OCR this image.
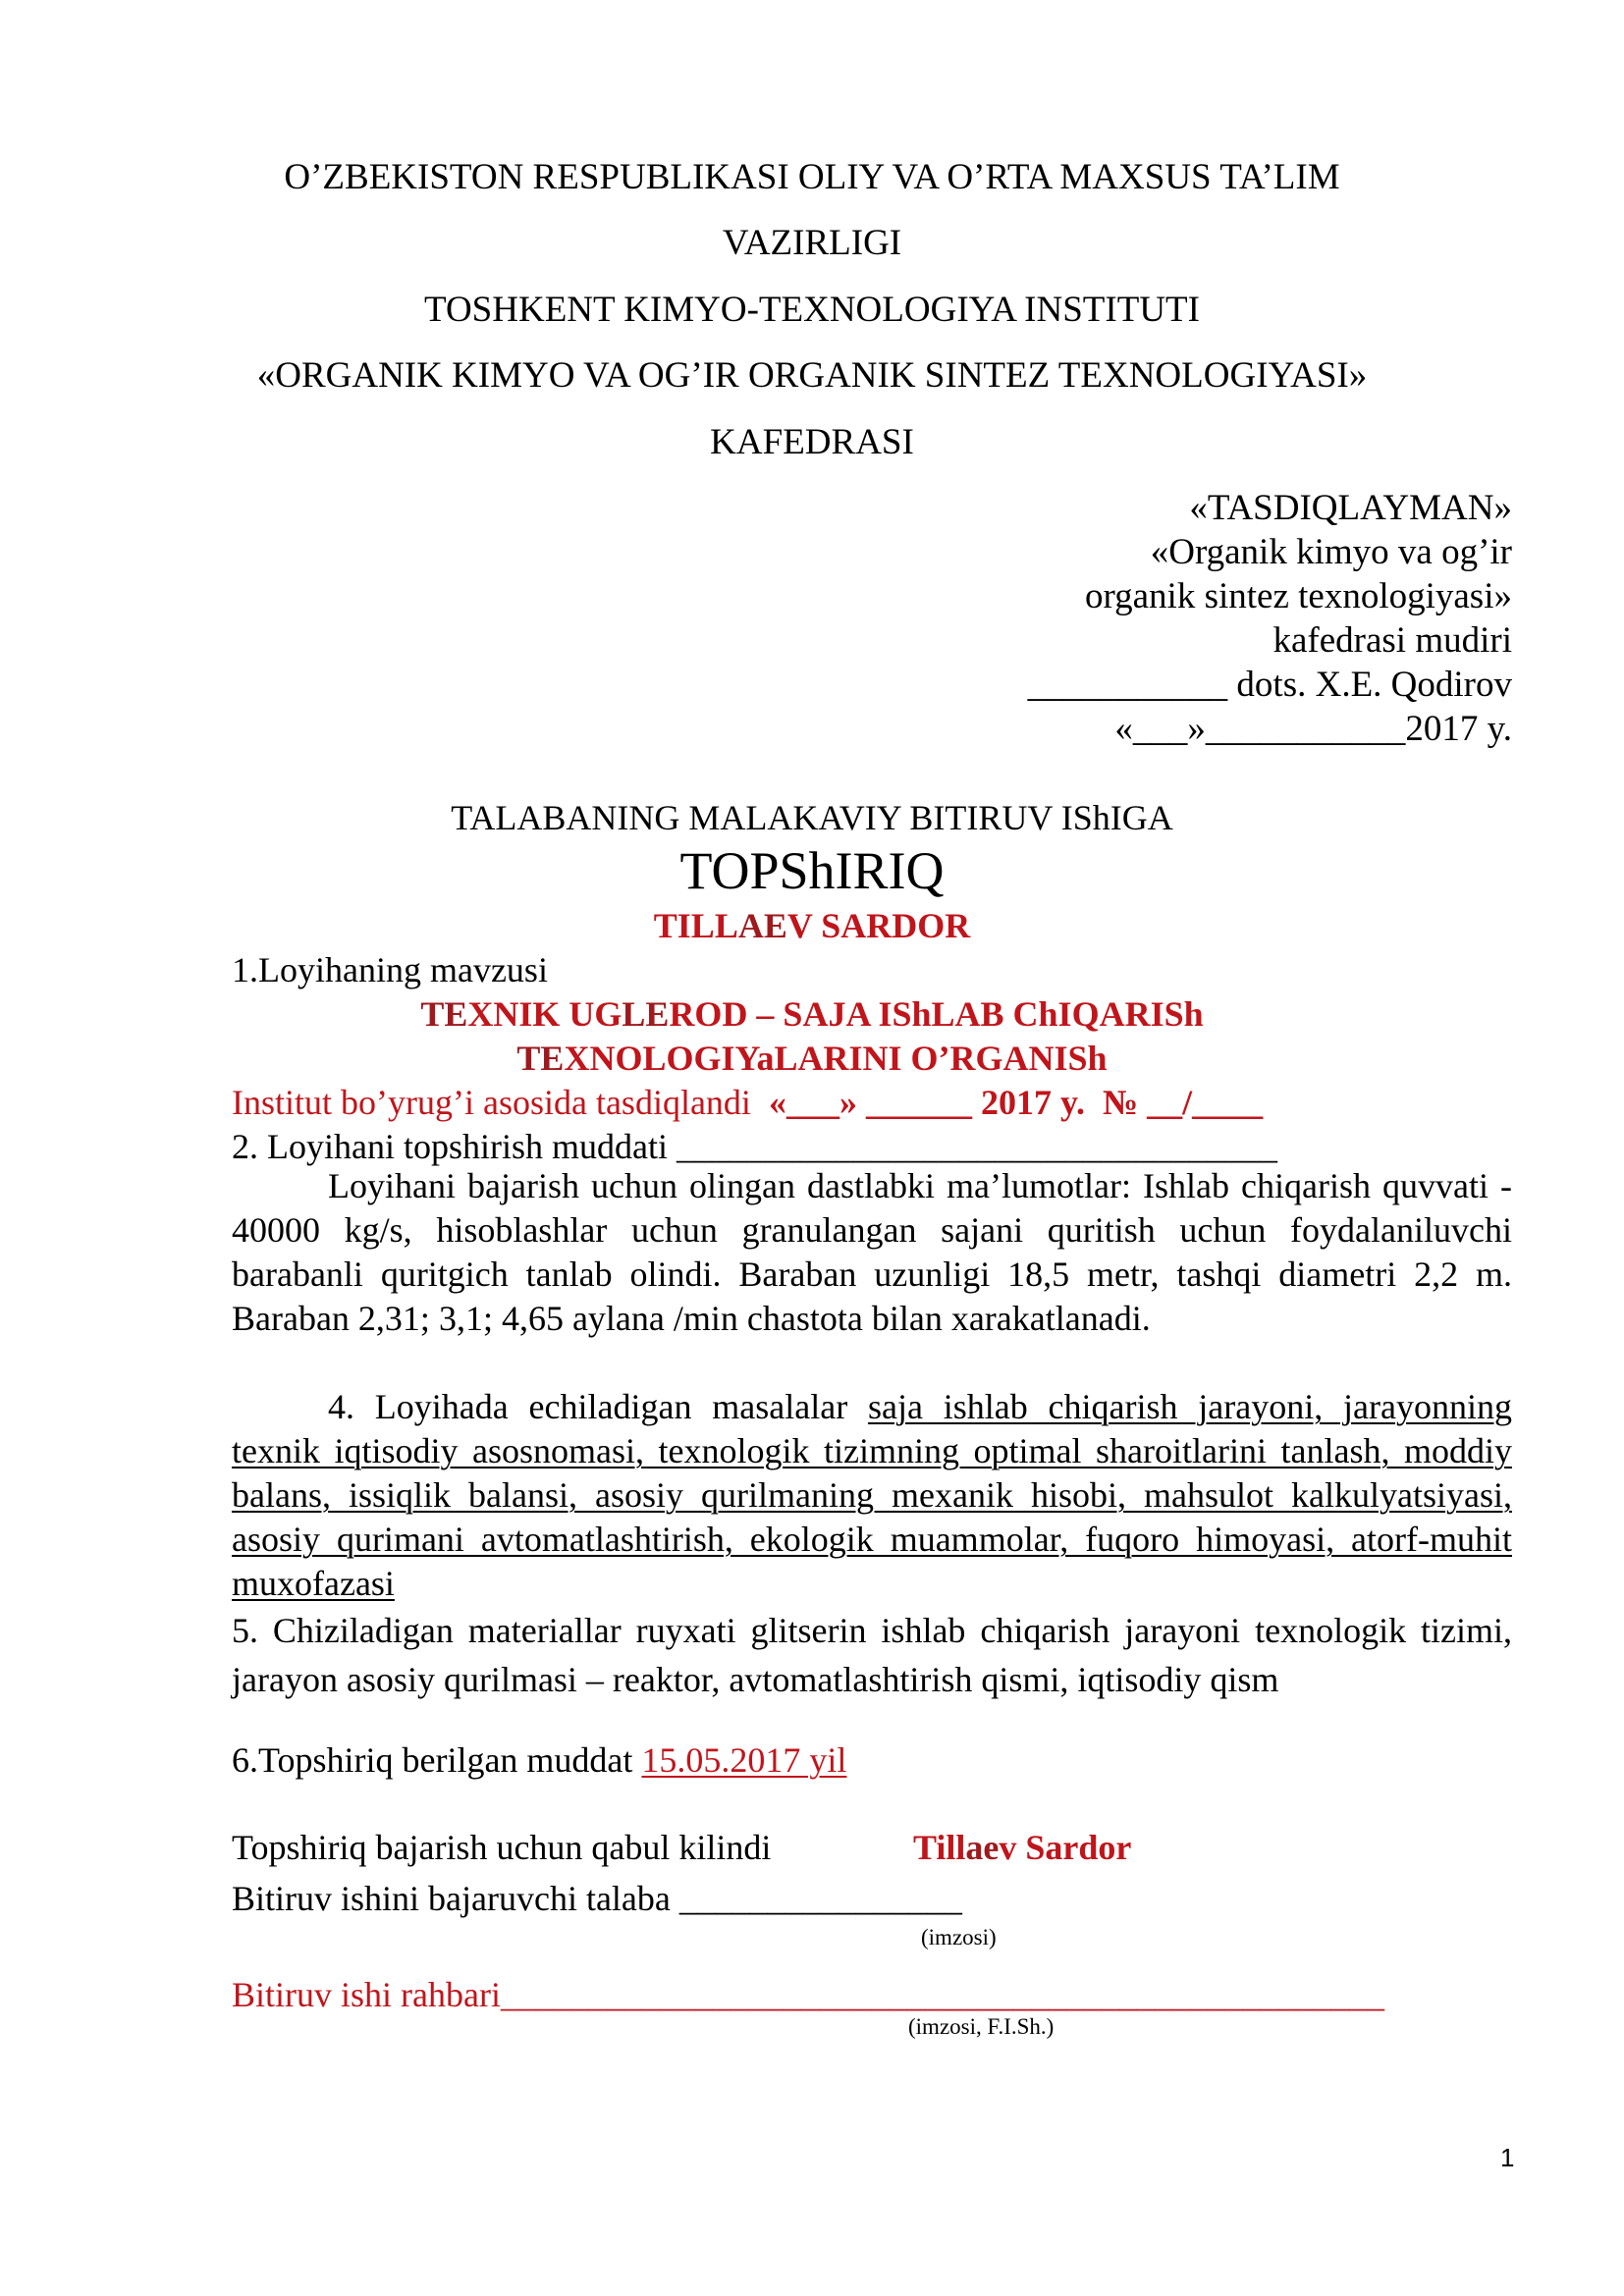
O’ZBEKISTON RESPUBLIKASI OLIY VA O’RTA MAXSUS TA’LIM
VAZIRLIGI
TOSHKENT KIMYO-TEXNOLOGIYA INSTITUTI
«ORGANIK KIMYO VA OG’IR ORGANIK SINTEZ TEXNOLOGIYASI»
KAFEDRASI
«TASDIQLAYMAN»
«Organik kimyo va og’ir
organik sintez texnologiyasi»
kafedrasi mudiri
___________ dots. X.E. Qodirov
«___»___________2017 y.
TALABANING MALAKAVIY BITIRUV IShIGA
TOPShIRIQ
TILLAEV SARDOR
1.Loyihaning mavzusi
TEXNIK UGLEROD – SAJA IShLAB ChIQARISh
TEXNOLOGIYaLARINI O’RGANISh
Institut bo’yrug’i asosida tasdiqlandi  «___» ______ 2017 y.  № __/____
2. Loyihani topshirish muddati __________________________________
Loyihani bajarish uchun olingan dastlabki ma’lumotlar: Ishlab chiqarish quvvati - 40000 kg/s, hisoblashlar uchun granulangan sajani quritish uchun foydalaniluvchi barabanli quritgich tanlab olindi. Baraban uzunligi 18,5 metr, tashqi diametri 2,2 m. Baraban 2,31; 3,1; 4,65 aylana /min chastota bilan xarakatlanadi.
4. Loyihada echiladigan masalalar saja ishlab chiqarish jarayoni, jarayonning texnik iqtisodiy asosnomasi, texnologik tizimning optimal sharoitlarini tanlash, moddiy balans, issiqlik balansi, asosiy qurilmaning mexanik hisobi, mahsulot kalkulyatsiyasi, asosiy qurimani avtomatlashtirish, ekologik muammolar, fuqoro himoyasi, atorf-muhit muxofazasi
5. Chiziladigan materiallar ruyxati glitserin ishlab chiqarish jarayoni texnologik tizimi, jarayon asosiy qurilmasi – reaktor, avtomatlashtirish qismi, iqtisodiy qism
6.Topshiriq berilgan muddat 15.05.2017 yil
Topshiriq bajarish uchun qabul kilindi	Tillaev Sardor
Bitiruv ishini bajaruvchi talaba ________________
(imzosi)
Bitiruv ishi rahbari__________________________________________________
(imzosi, F.I.Sh.)
1
